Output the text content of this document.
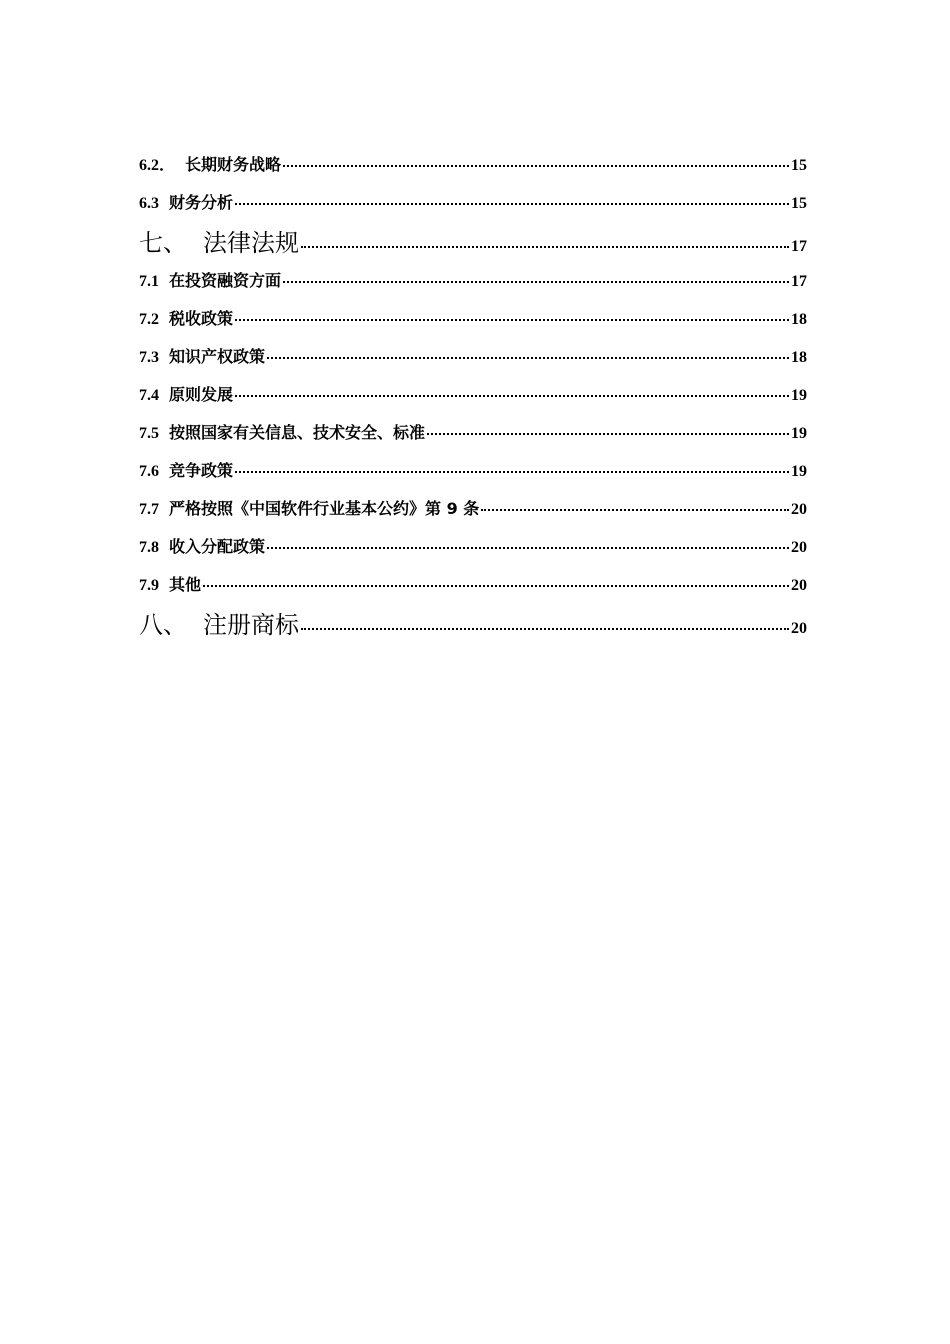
6.2． 长期财务战略	15
6.3 财务分析	15
七、 法律法规	17
7.1 在投资融资方面	17
7.2 税收政策	18
7.3 知识产权政策	18
7.4 原则发展	19
7.5 按照国家有关信息、技术安全、标准	19
7.6 竞争政策	19
7.7 严格按照《中国软件行业基本公约》第 9 条	20
7.8 收入分配政策	20
7.9 其他	20
八、 注册商标	20
